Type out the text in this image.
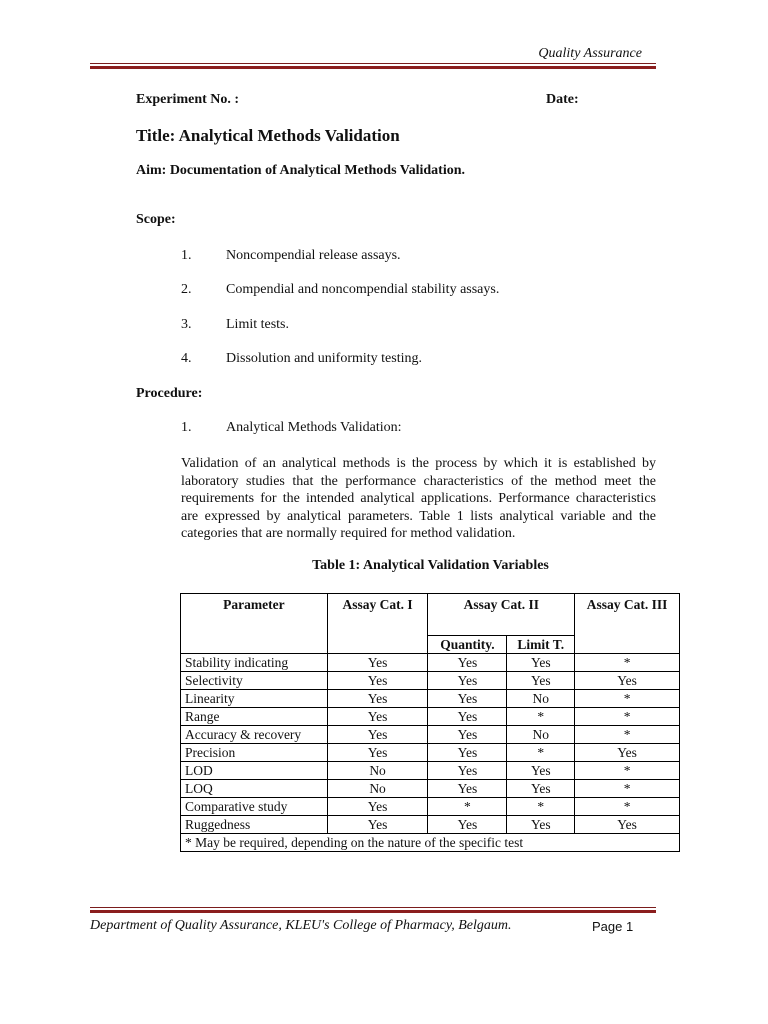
Quality Assurance
Experiment No. :	Date:
Title: Analytical Methods Validation
Aim: Documentation of Analytical Methods Validation.
Scope:
1. Noncompendial release assays.
2. Compendial and noncompendial stability assays.
3. Limit tests.
4. Dissolution and uniformity testing.
Procedure:
1. Analytical Methods Validation:
Validation of an analytical methods is the process by which it is established by laboratory studies that the performance characteristics of the method meet the requirements for the intended analytical applications. Performance characteristics are expressed by analytical parameters. Table 1 lists analytical variable and the categories that are normally required for method validation.
Table 1: Analytical Validation Variables
Parameter	Assay Cat. I	Assay Cat. II		Assay Cat. III
		Quantity.	Limit T.	
Stability indicating	Yes	Yes	Yes	*
Selectivity	Yes	Yes	Yes	Yes
Linearity	Yes	Yes	No	*
Range	Yes	Yes	*	*
Accuracy & recovery	Yes	Yes	No	*
Precision	Yes	Yes	*	Yes
LOD	No	Yes	Yes	*
LOQ	No	Yes	Yes	*
Comparative study	Yes	*	*	*
Ruggedness	Yes	Yes	Yes	Yes
* May be required, depending on the nature of the specific test				
Department of Quality Assurance, KLEU's College of Pharmacy, Belgaum.	Page 1
